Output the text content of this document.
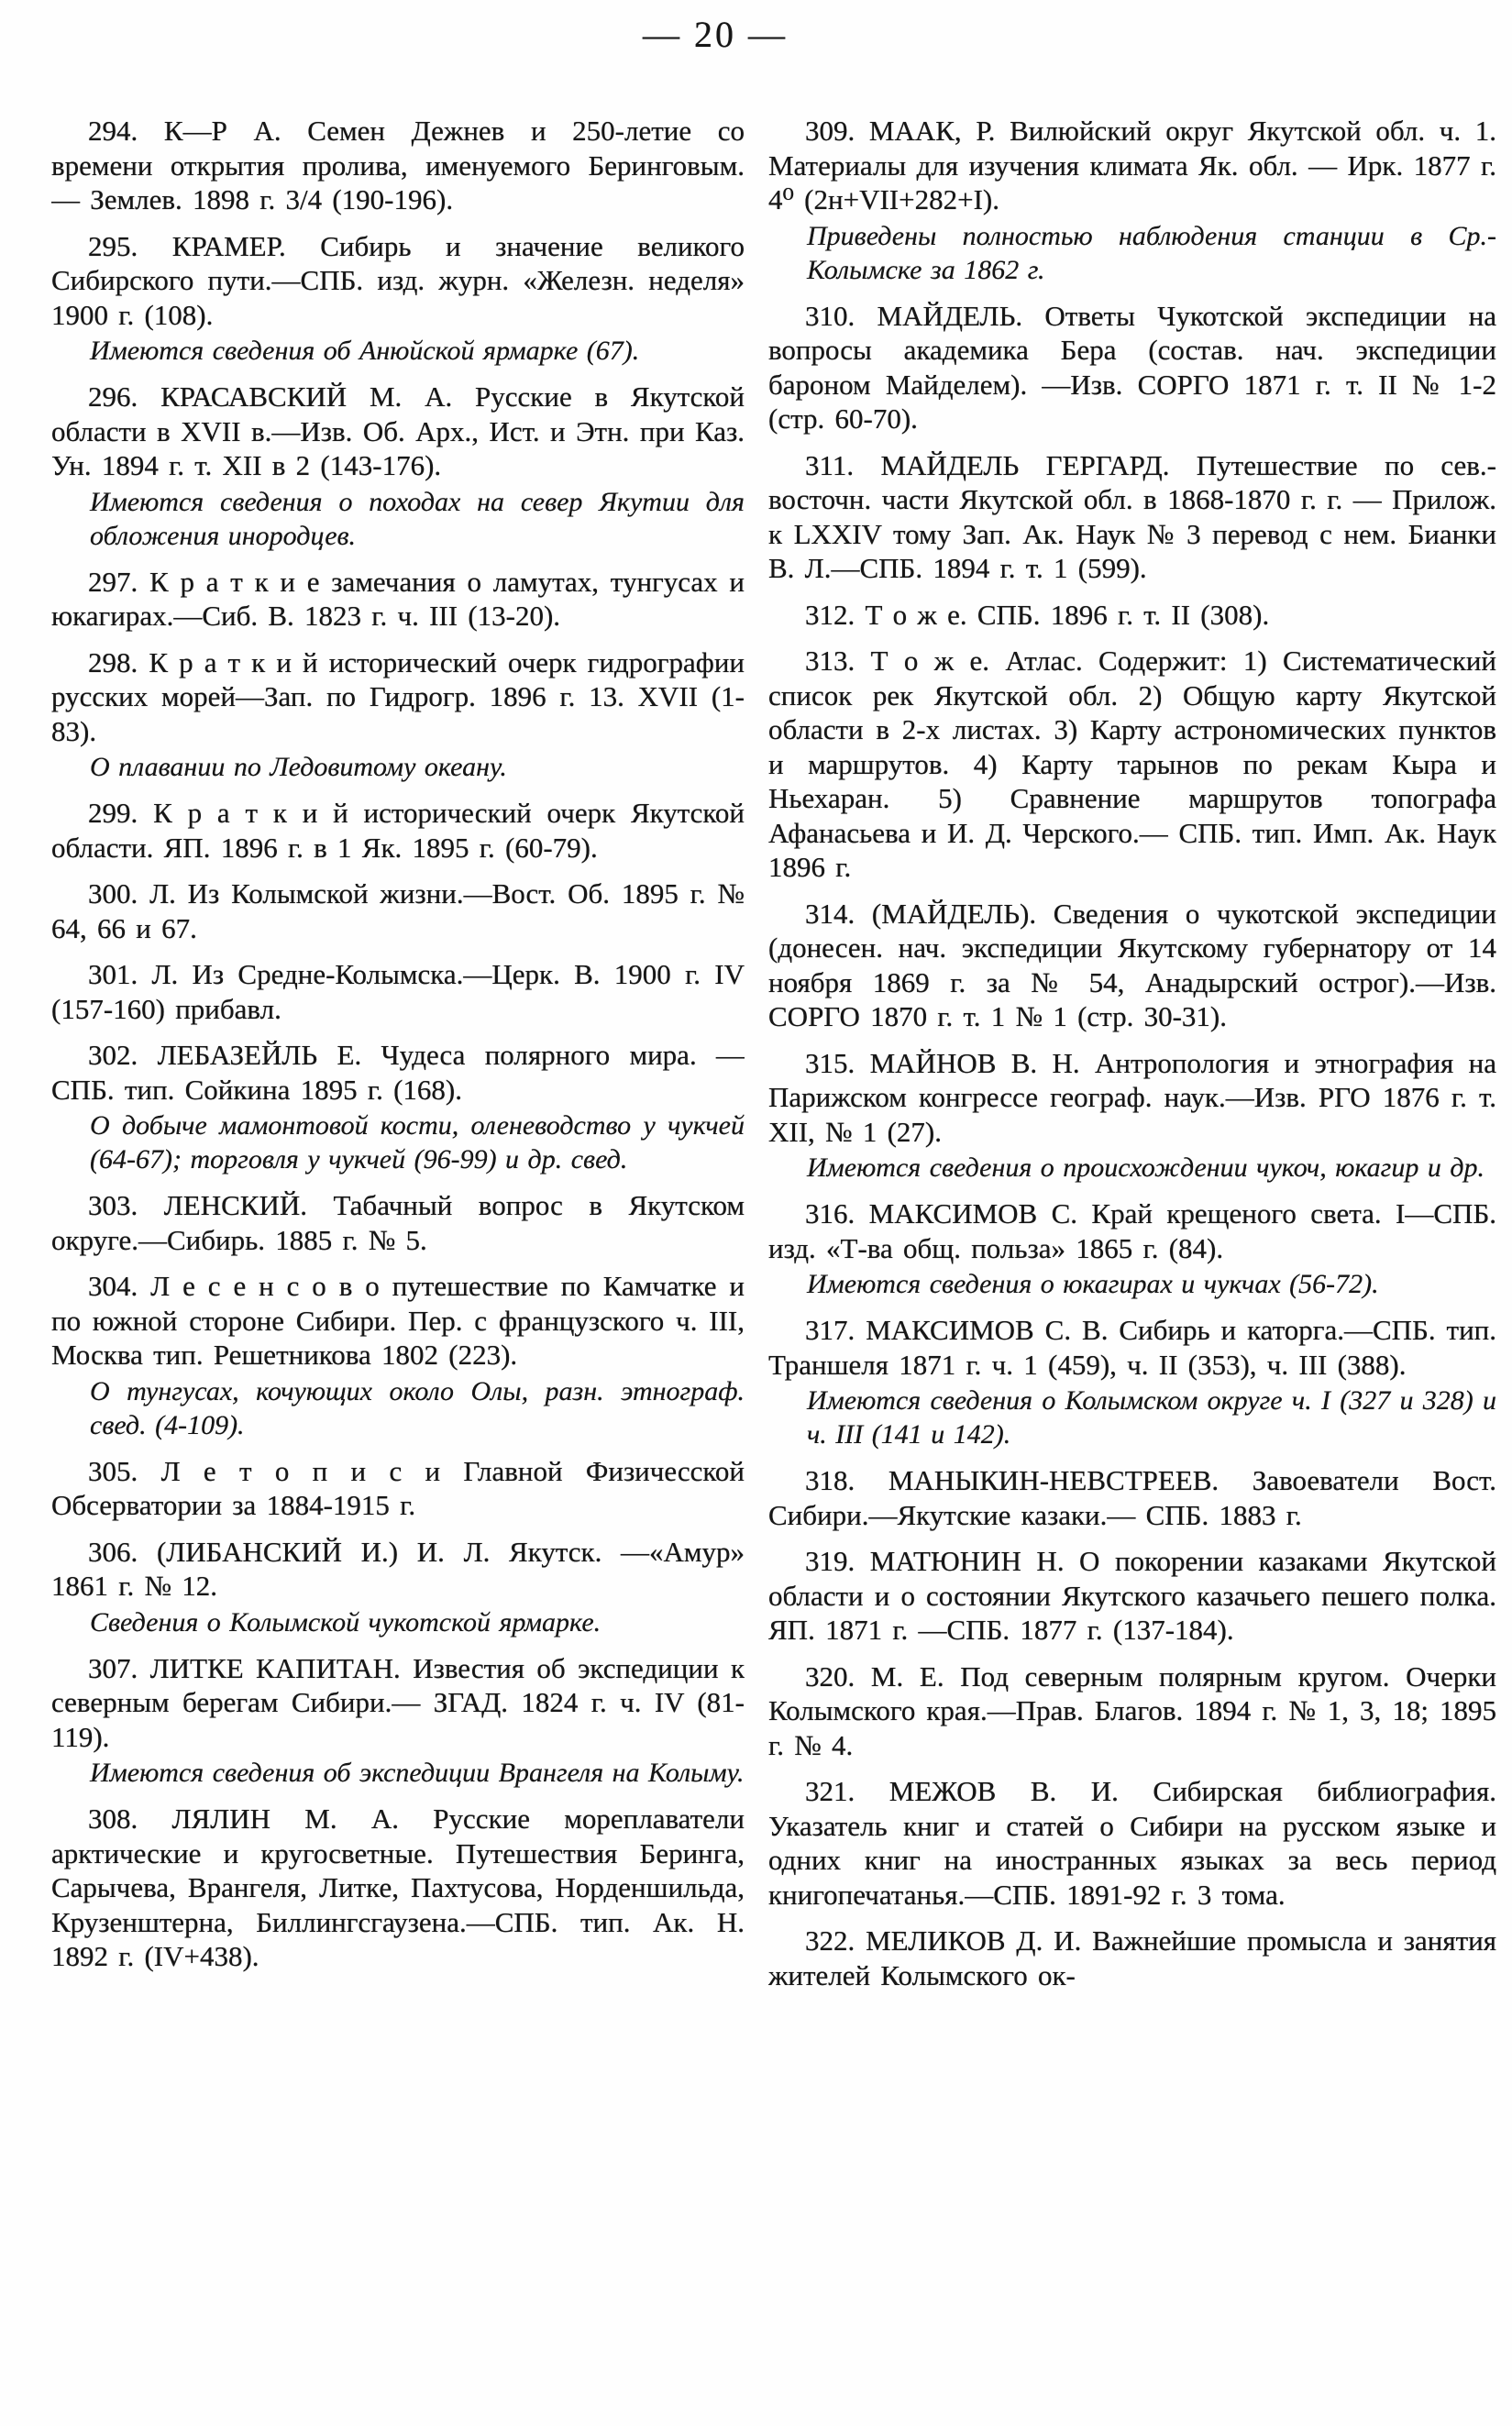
— 20 —

294. К—Р А. Семен Дежнев и 250-летие со времени открытия пролива, именуемого Беринговым. — Землев. 1898 г. 3/4 (190-196).

295. КРАМЕР. Сибирь и значение великого Сибирского пути.—СПБ. изд. журн. «Железн. неделя» 1900 г. (108).

Имеются сведения об Анюйской ярмарке (67).

296. КРАСАВСКИЙ М. А. Русские в Якутской области в XVII в.—Изв. Об. Арх., Ист. и Этн. при Каз. Ун. 1894 г. т. XII в 2 (143-176).

Имеются сведения о походах на север Якутии для обложения инородцев.

297. К р а т к и е замечания о ламутах, тунгусах и юкагирах.—Сиб. В. 1823 г. ч. III (13-20).

298. К р а т к и й исторический очерк гидрографии русских морей—Зап. по Гидрогр. 1896 г. 13. XVII (1-83).

О плавании по Ледовитому океану.

299. К р а т к и й исторический очерк Якутской области. ЯП. 1896 г. в 1 Як. 1895 г. (60-79).

300. Л. Из Колымской жизни.—Вост. Об. 1895 г. № 64, 66 и 67.

301. Л. Из Средне-Колымска.—Церк. В. 1900 г. IV (157-160) прибавл.

302. ЛЕБАЗЕЙЛЬ Е. Чудеса полярного мира. — СПБ. тип. Сойкина 1895 г. (168).

О добыче мамонтовой кости, оленеводство у чукчей (64-67); торговля у чукчей (96-99) и др. свед.

303. ЛЕНСКИЙ. Табачный вопрос в Якутском округе.—Сибирь. 1885 г. № 5.

304. Л е с е н с о в о путешествие по Камчатке и по южной стороне Сибири. Пер. с французского ч. III, Москва тип. Решетникова 1802 (223).

О тунгусах, кочующих около Олы, разн. этнограф. свед. (4-109).

305. Л е т о п и с и Главной Физичесской Обсерватории за 1884-1915 г.

306. (ЛИБАНСКИЙ И.) И. Л. Якутск. —«Амур» 1861 г. № 12.

Сведения о Колымской чукотской ярмарке.

307. ЛИТКЕ КАПИТАН. Известия об экспедиции к северным берегам Сибири.— ЗГАД. 1824 г. ч. IV (81-119).

Имеются сведения об экспедиции Врангеля на Колыму.

308. ЛЯЛИН М. А. Русские мореплаватели арктические и кругосветные. Путешествия Беринга, Сарычева, Врангеля, Литке, Пахтусова, Норденшильда, Крузенштерна, Биллингсгаузена.—СПБ. тип. Ак. Н. 1892 г. (IV+438).

309. МААК, Р. Вилюйский округ Якутской обл. ч. 1. Материалы для изучения климата Як. обл. — Ирк. 1877 г. 4⁰ (2н+VII+282+I).

Приведены полностью наблюдения станции в Ср.-Колымске за 1862 г.

310. МАЙДЕЛЬ. Ответы Чукотской экспедиции на вопросы академика Бера (состав. нач. экспедиции бароном Майделем). —Изв. СОРГО 1871 г. т. II № 1-2 (стр. 60-70).

311. МАЙДЕЛЬ ГЕРГАРД. Путешествие по сев.-восточн. части Якутской обл. в 1868-1870 г. г. — Прилож. к LXXIV тому Зап. Ак. Наук № 3 перевод с нем. Бианки В. Л.—СПБ. 1894 г. т. 1 (599).

312. Т о ж е. СПБ. 1896 г. т. II (308).

313. Т о ж е. Атлас. Содержит: 1) Систематический список рек Якутской обл. 2) Общую карту Якутской области в 2-х листах. 3) Карту астрономических пунктов и маршрутов. 4) Карту тарынов по рекам Кыра и Ньехаран. 5) Сравнение маршрутов топографа Афанасьева и И. Д. Черского.— СПБ. тип. Имп. Ак. Наук 1896 г.

314. (МАЙДЕЛЬ). Сведения о чукотской экспедиции (донесен. нач. экспедиции Якутскому губернатору от 14 ноября 1869 г. за № 54, Анадырский острог).—Изв. СОРГО 1870 г. т. 1 № 1 (стр. 30-31).

315. МАЙНОВ В. Н. Антропология и этнография на Парижском конгрессе географ. наук.—Изв. РГО 1876 г. т. XII, № 1 (27).

Имеются сведения о происхождении чукоч, юкагир и др.

316. МАКСИМОВ С. Край крещеного света. I—СПБ. изд. «Т-ва общ. польза» 1865 г. (84).

Имеются сведения о юкагирах и чукчах (56-72).

317. МАКСИМОВ С. В. Сибирь и каторга.—СПБ. тип. Траншеля 1871 г. ч. 1 (459), ч. II (353), ч. III (388).

Имеются сведения о Колымском округе ч. I (327 и 328) и ч. III (141 и 142).

318. МАНЫКИН-НЕВСТРЕЕВ. Завоеватели Вост. Сибири.—Якутские казаки.— СПБ. 1883 г.

319. МАТЮНИН Н. О покорении казаками Якутской области и о состоянии Якутского казачьего пешего полка. ЯП. 1871 г. —СПБ. 1877 г. (137-184).

320. М. Е. Под северным полярным кругом. Очерки Колымского края.—Прав. Благов. 1894 г. № 1, 3, 18; 1895 г. № 4.

321. МЕЖОВ В. И. Сибирская библиография. Указатель книг и статей о Сибири на русском языке и одних книг на иностранных языках за весь период книгопечатанья.—СПБ. 1891-92 г. 3 тома.

322. МЕЛИКОВ Д. И. Важнейшие промысла и занятия жителей Колымского ок-
